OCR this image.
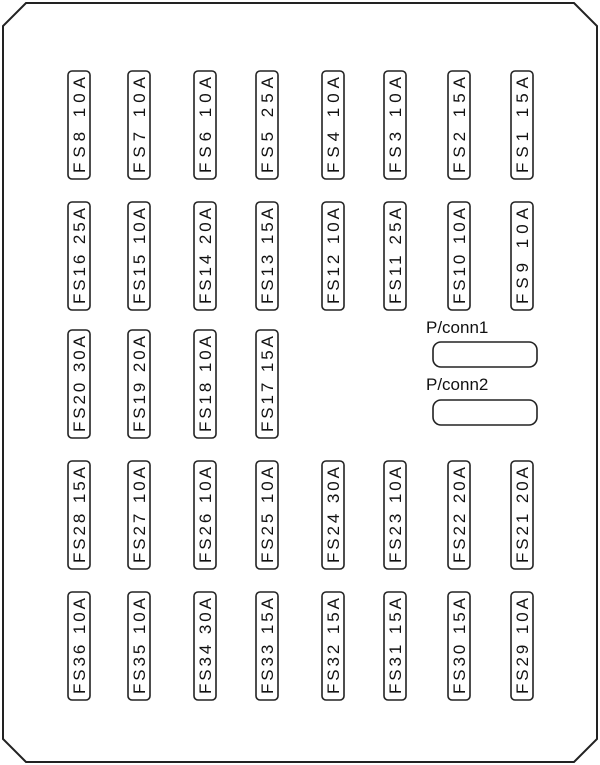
FS8 10A
FS7 10A
FS6 10A
FS5 25A
FS4 10A
FS3 10A
FS2 15A
FS1 15A
FS16 25A
FS15 10A
FS14 20A
FS13 15A
FS12 10A
FS11 25A
FS10 10A
FS9 10A
FS20 30A
FS19 20A
FS18 10A
FS17 15A
FS28 15A
FS27 10A
FS26 10A
FS25 10A
FS24 30A
FS23 10A
FS22 20A
FS21 20A
FS36 10A
FS35 10A
FS34 30A
FS33 15A
FS32 15A
FS31 15A
FS30 15A
FS29 10A
P/conn1
P/conn2
